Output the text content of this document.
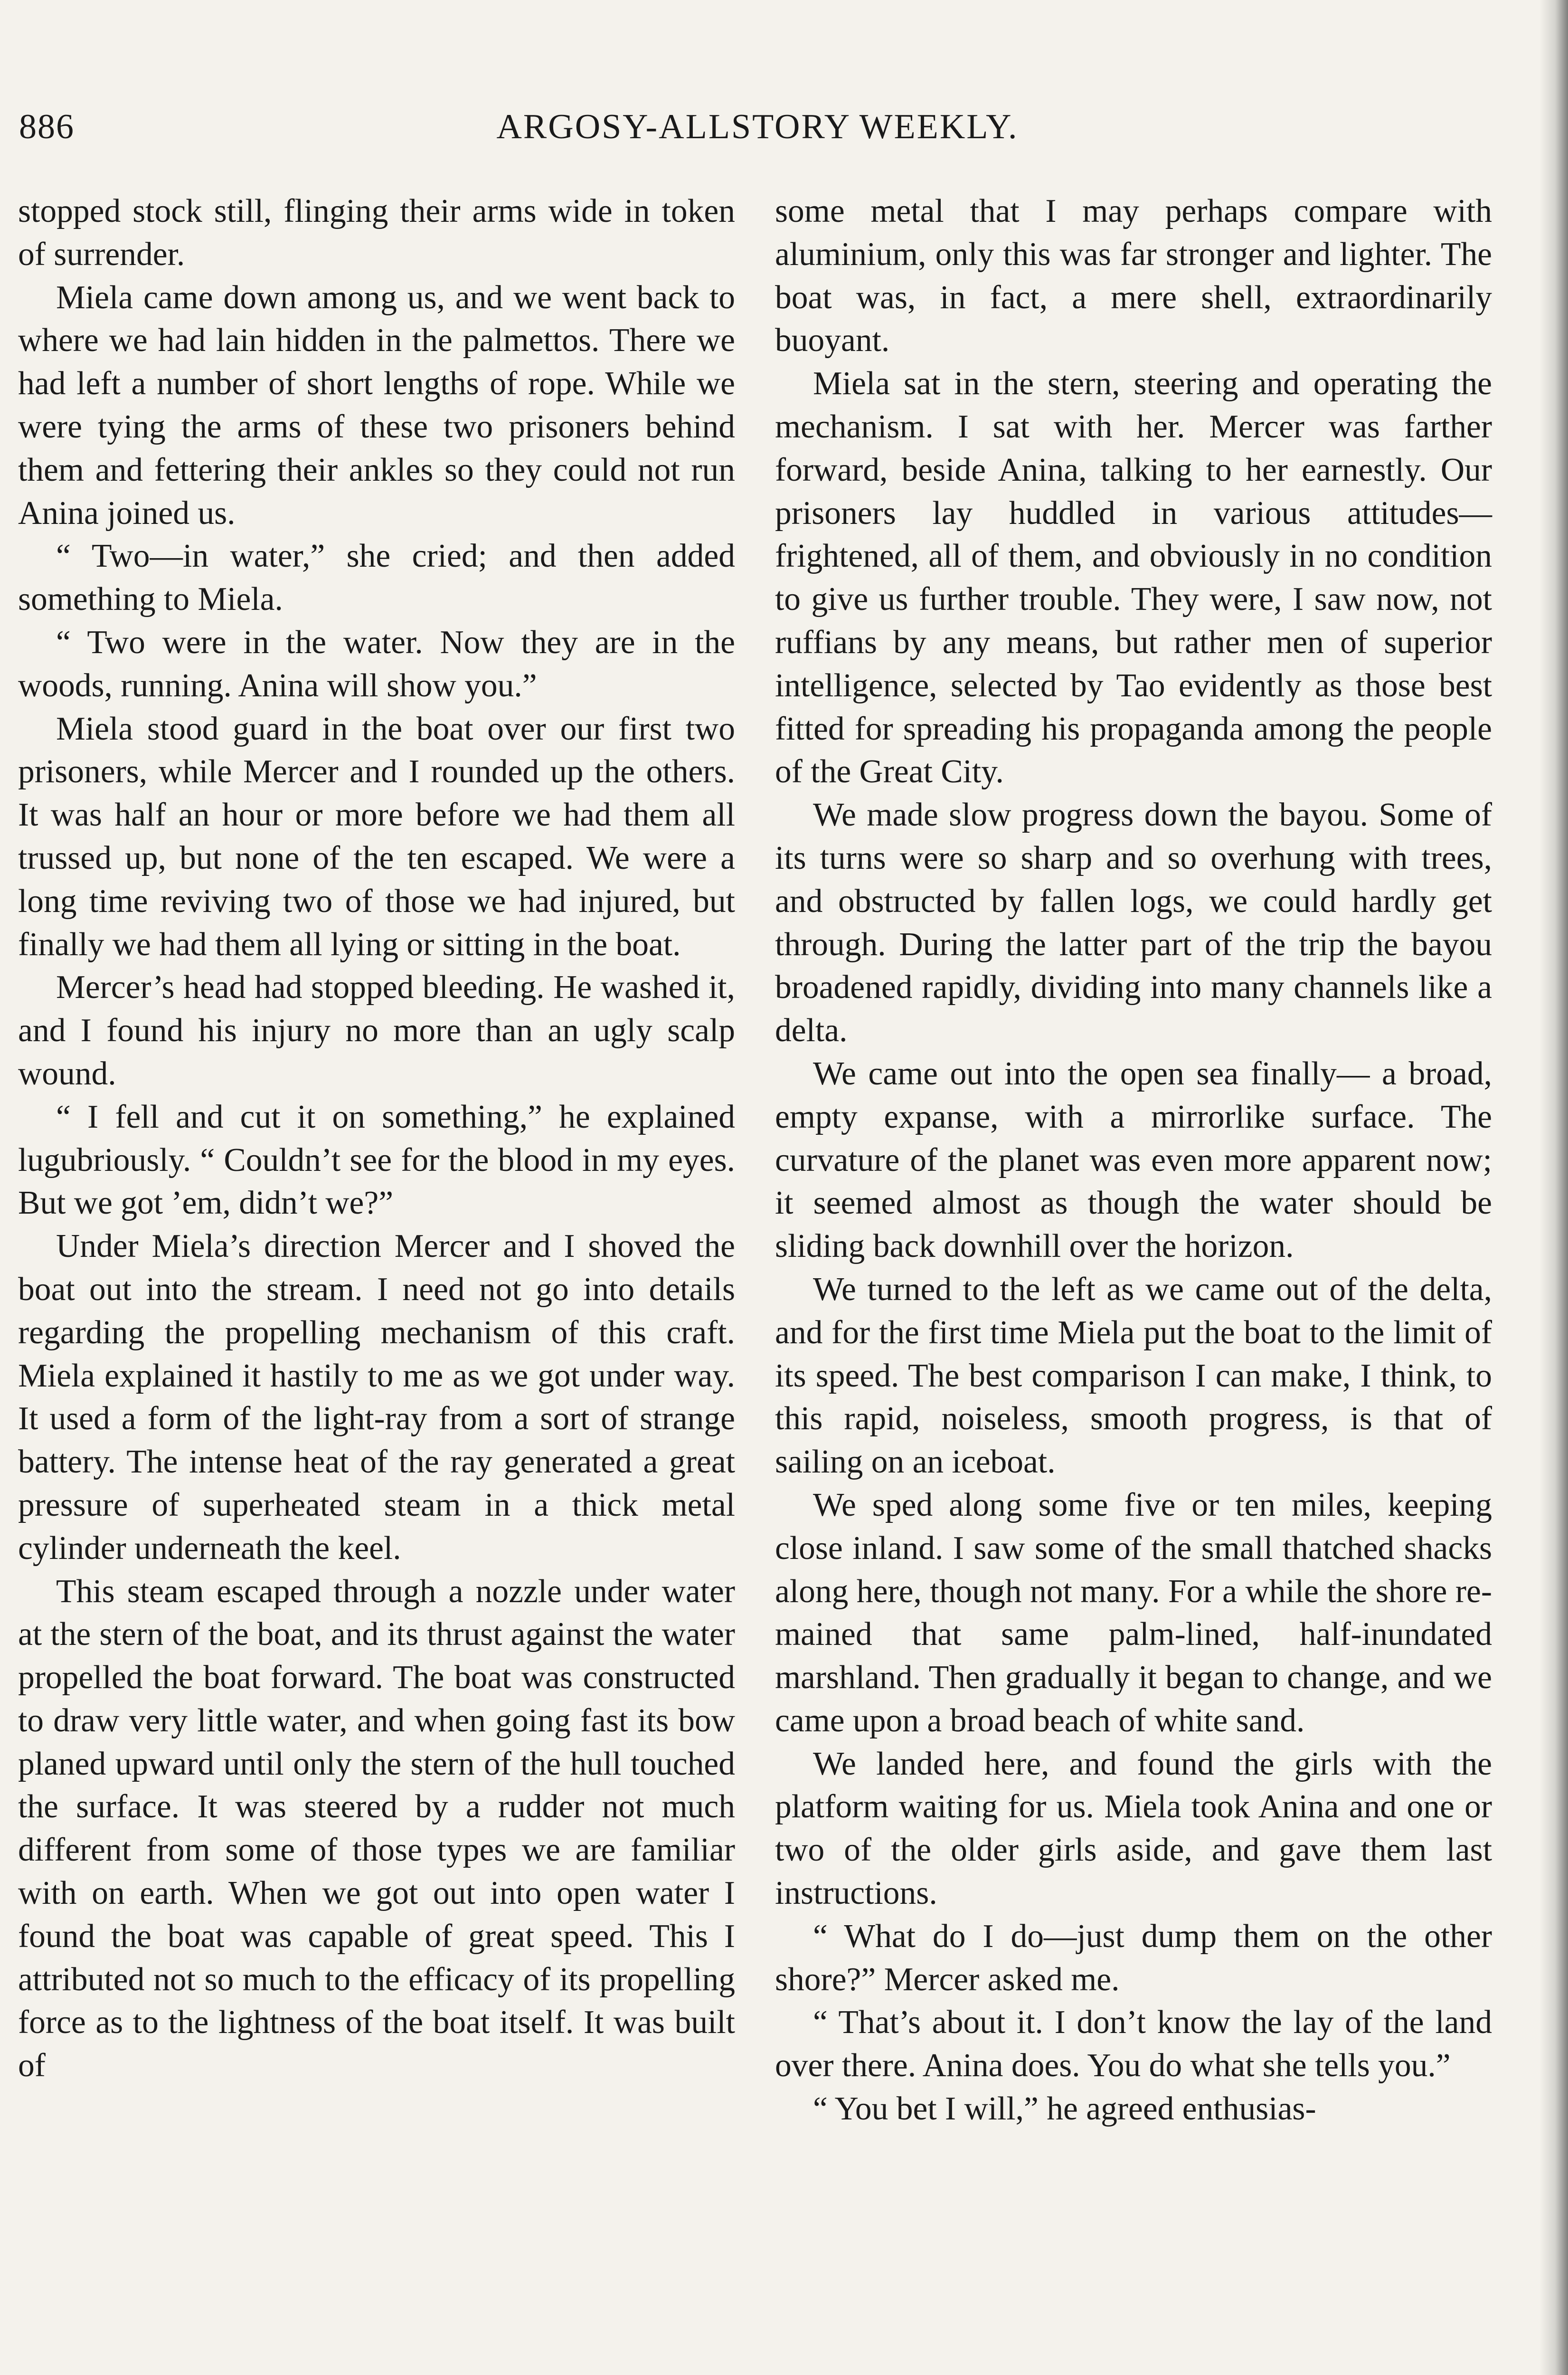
886	ARGOSY-ALLSTORY WEEKLY.

stopped stock still, flinging their arms wide in token of surrender.

Miela came down among us, and we went back to where we had lain hidden in the palmettos. There we had left a number of short lengths of rope. While we were tying the arms of these two prisoners behind them and fettering their ankles so they could not run Anina joined us.

“ Two—in water,” she cried; and then added something to Miela.

“ Two were in the water. Now they are in the woods, running. Anina will show you.”

Miela stood guard in the boat over our first two prisoners, while Mercer and I rounded up the others. It was half an hour or more before we had them all trussed up, but none of the ten escaped. We were a long time reviving two of those we had injured, but finally we had them all lying or sitting in the boat.

Mercer’s head had stopped bleeding. He washed it, and I found his injury no more than an ugly scalp wound.

“ I fell and cut it on something,” he explained lugubriously. “ Couldn’t see for the blood in my eyes. But we got ’em, didn’t we?”

Under Miela’s direction Mercer and I shoved the boat out into the stream. I need not go into details regarding the propelling mechanism of this craft. Miela explained it hastily to me as we got under way. It used a form of the light-ray from a sort of strange battery. The intense heat of the ray generated a great pressure of superheated steam in a thick metal cylinder underneath the keel.

This steam escaped through a nozzle under water at the stern of the boat, and its thrust against the water propelled the boat forward. The boat was constructed to draw very little water, and when going fast its bow planed upward until only the stern of the hull touched the surface. It was steered by a rudder not much different from some of those types we are familiar with on earth. When we got out into open water I found the boat was capable of great speed. This I attributed not so much to the efficacy of its propelling force as to the lightness of the boat itself. It was built of

some metal that I may perhaps compare with aluminium, only this was far stronger and lighter. The boat was, in fact, a mere shell, extraordinarily buoyant.

Miela sat in the stern, steering and operating the mechanism. I sat with her. Mercer was farther forward, beside Anina, talking to her earnestly. Our prisoners lay huddled in various attitudes—frightened, all of them, and obviously in no condition to give us further trouble. They were, I saw now, not ruffians by any means, but rather men of superior intelligence, selected by Tao evidently as those best fitted for spreading his propaganda among the people of the Great City.

We made slow progress down the bayou. Some of its turns were so sharp and so overhung with trees, and obstructed by fallen logs, we could hardly get through. During the latter part of the trip the bayou broadened rapidly, dividing into many channels like a delta.

We came out into the open sea finally— a broad, empty expanse, with a mirrorlike surface. The curvature of the planet was even more apparent now; it seemed almost as though the water should be sliding back downhill over the horizon.

We turned to the left as we came out of the delta, and for the first time Miela put the boat to the limit of its speed. The best comparison I can make, I think, to this rapid, noiseless, smooth progress, is that of sailing on an iceboat.

We sped along some five or ten miles, keeping close inland. I saw some of the small thatched shacks along here, though not many. For a while the shore remained that same palm-lined, half-inundated marshland. Then gradually it began to change, and we came upon a broad beach of white sand.

We landed here, and found the girls with the platform waiting for us. Miela took Anina and one or two of the older girls aside, and gave them last instructions.

“ What do I do—just dump them on the other shore?” Mercer asked me.

“ That’s about it. I don’t know the lay of the land over there. Anina does. You do what she tells you.”

“ You bet I will,” he agreed enthusias-
